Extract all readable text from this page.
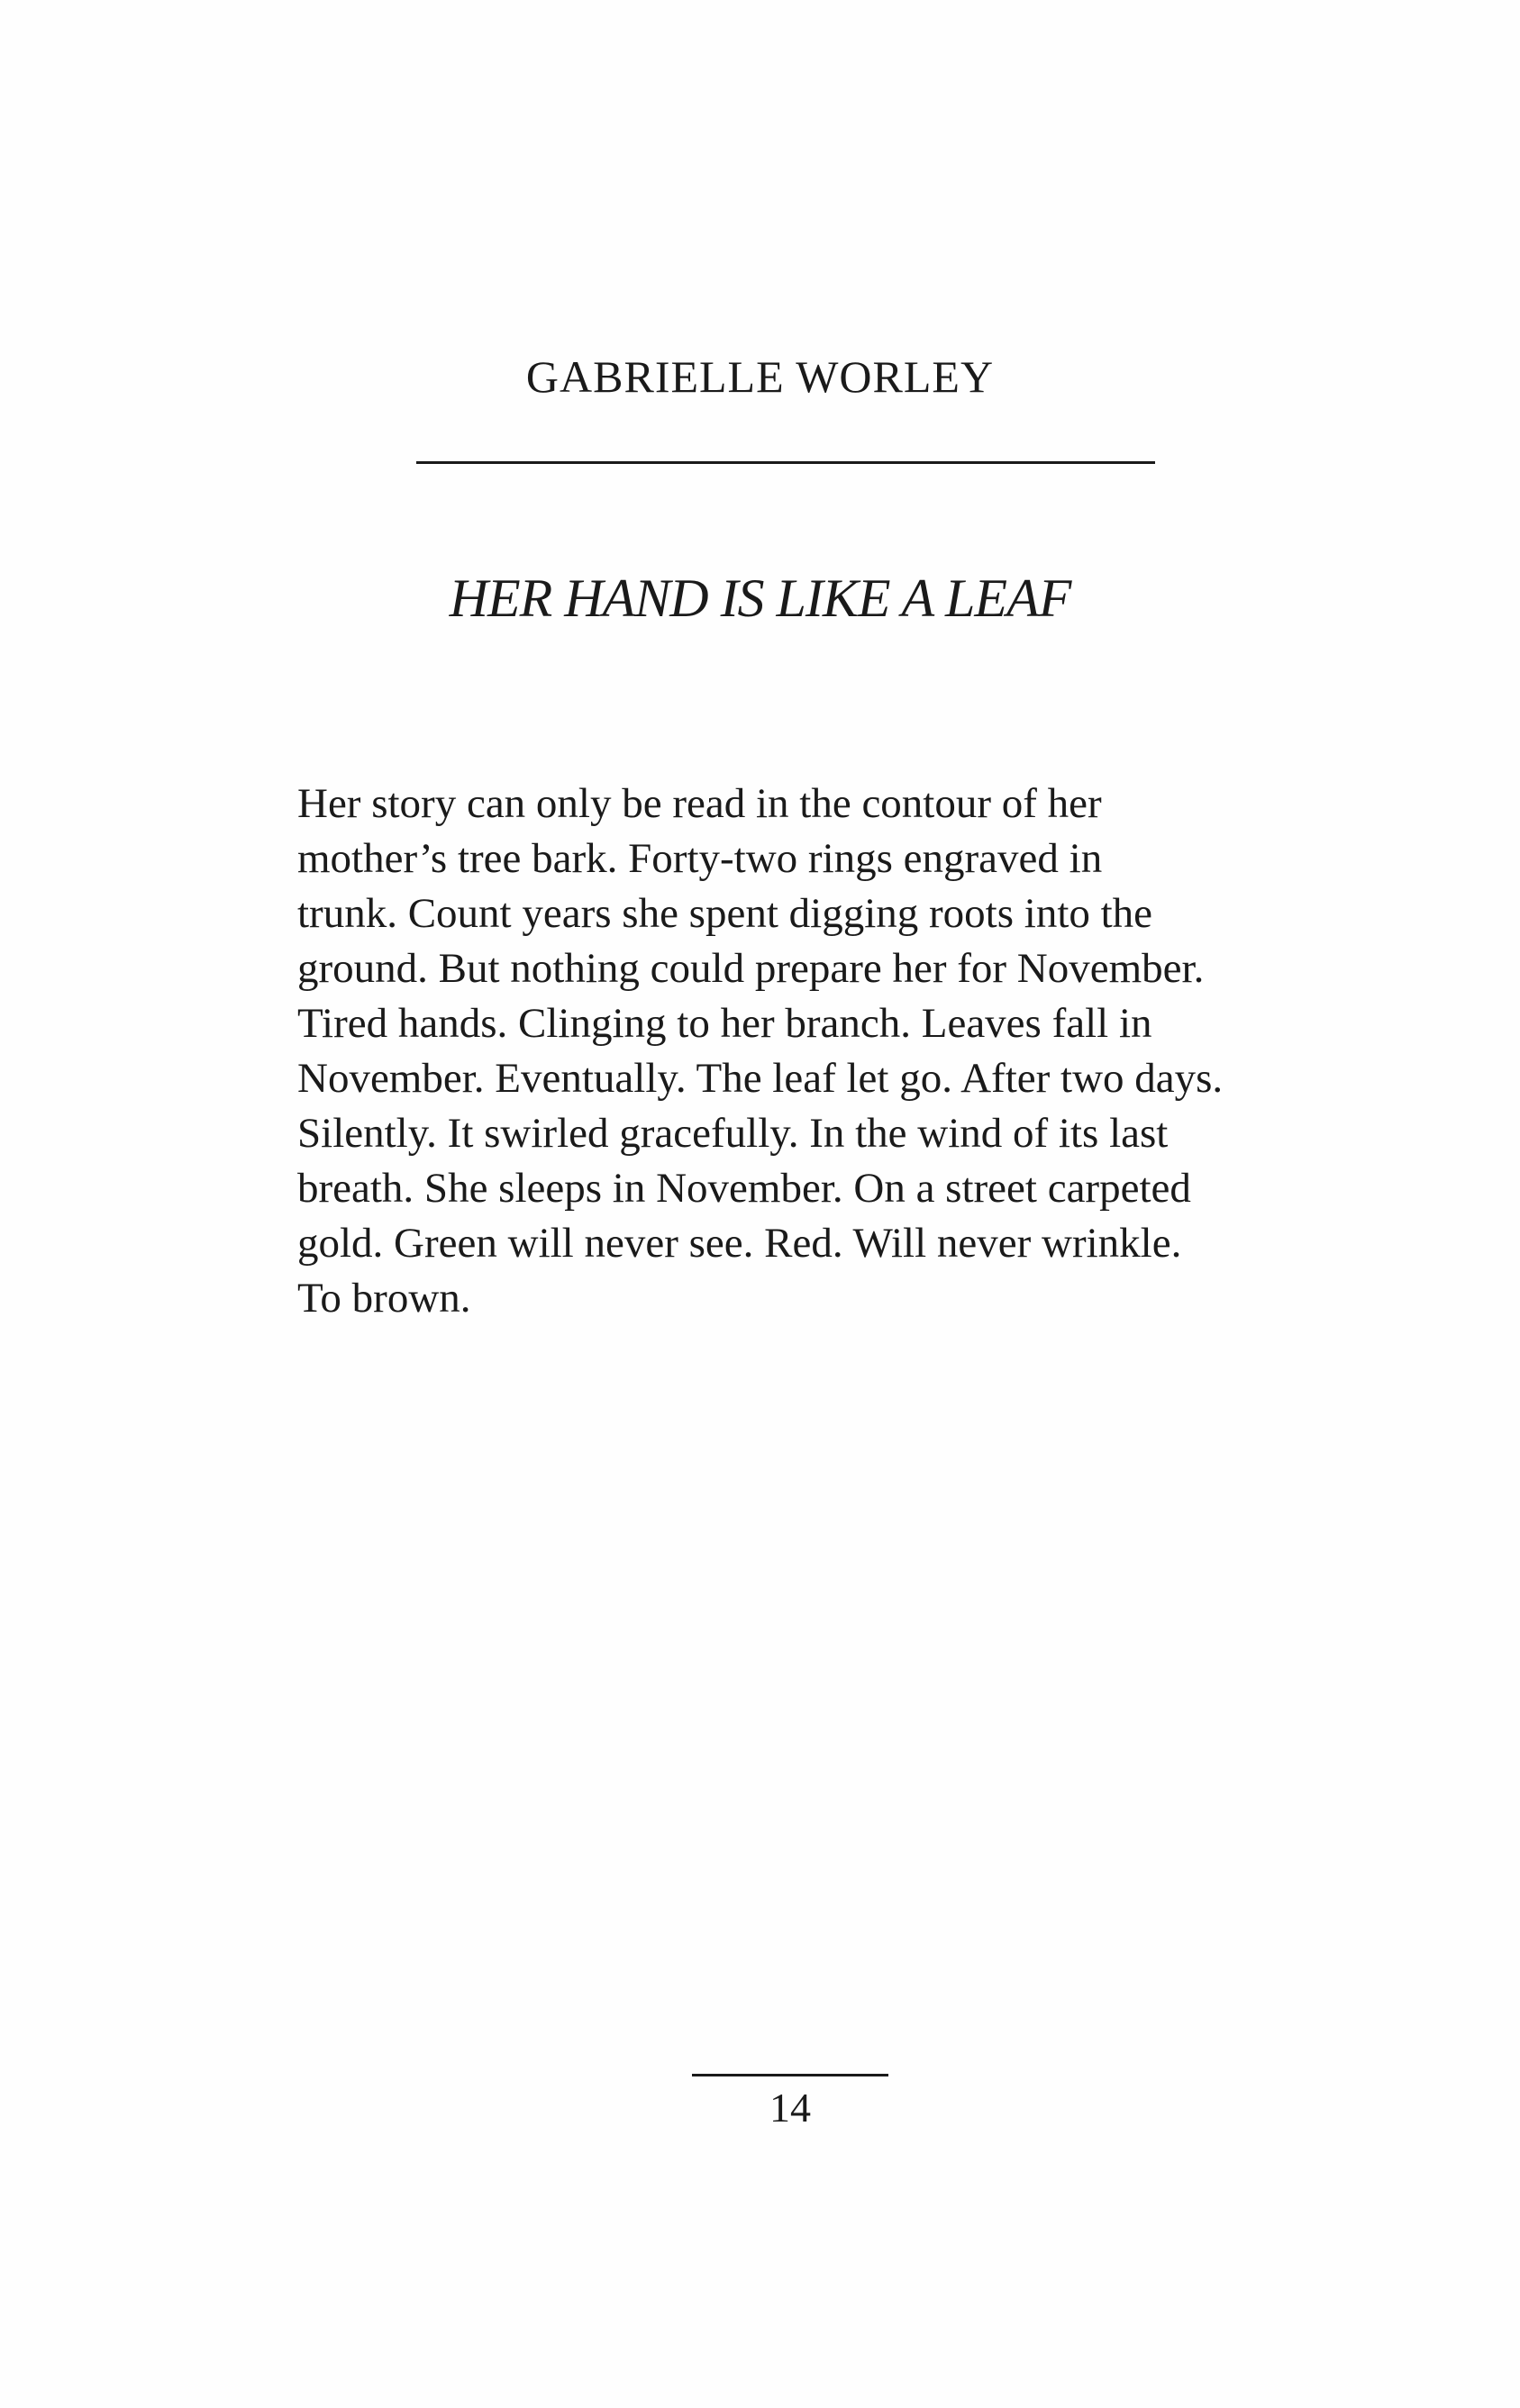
GABRIELLE WORLEY
HER HAND IS LIKE A LEAF
Her story can only be read in the contour of her
mother’s tree bark. Forty-two rings engraved in
trunk. Count years she spent digging roots into the
ground. But nothing could prepare her for November.
Tired hands. Clinging to her branch. Leaves fall in
November. Eventually. The leaf let go. After two days.
Silently. It swirled gracefully. In the wind of its last
breath. She sleeps in November. On a street carpeted
gold. Green will never see. Red. Will never wrinkle.
To brown.
14
